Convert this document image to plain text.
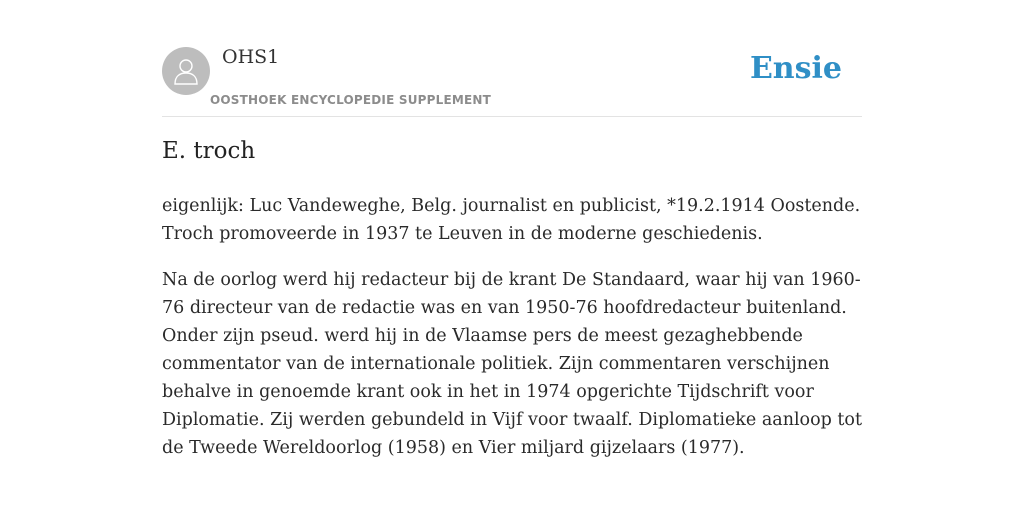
OHS1
OOSTHOEK ENCYCLOPEDIE SUPPLEMENT
Ensie
E. troch

eigenlijk: Luc Vandeweghe, Belg. journalist en publicist, *19.2.1914 Oostende. Troch promoveerde in 1937 te Leuven in de moderne geschiedenis.

Na de oorlog werd hij redacteur bij de krant De Standaard, waar hij van 1960-76 directeur van de redactie was en van 1950-76 hoofdredacteur buitenland. Onder zijn pseud. werd hij in de Vlaamse pers de meest gezaghebbende commentator van de internationale politiek. Zijn commentaren verschijnen behalve in genoemde krant ook in het in 1974 opgerichte Tijdschrift voor Diplomatie. Zij werden gebundeld in Vijf voor twaalf. Diplomatieke aanloop tot de Tweede Wereldoorlog (1958) en Vier miljard gijzelaars (1977).
